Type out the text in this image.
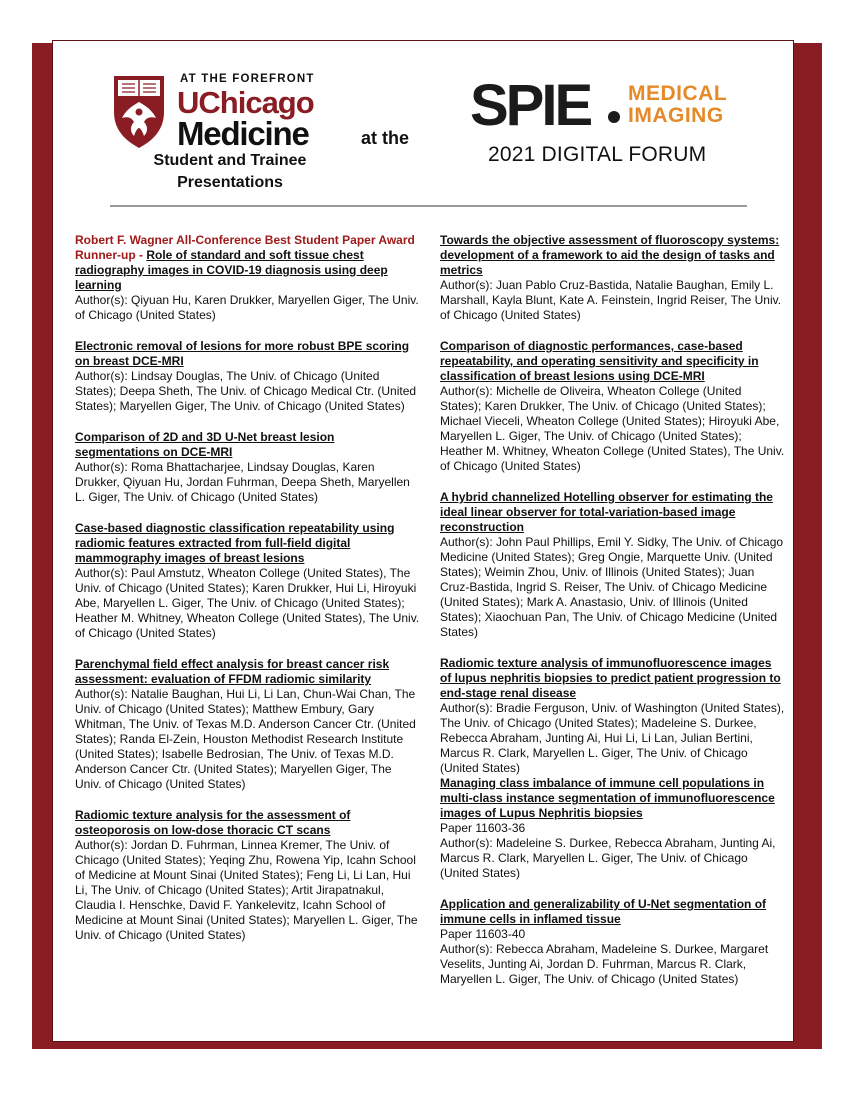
AT THE FOREFRONT
UChicago
Medicine
Student and Trainee
Presentations
at the SPIE MEDICAL
IMAGING
2021 DIGITAL FORUM

Robert F. Wagner All-Conference Best Student Paper Award Runner-up - Role of standard and soft tissue chest radiography images in COVID-19 diagnosis using deep learning

Author(s): Qiyuan Hu, Karen Drukker, Maryellen Giger, The Univ. of Chicago (United States)

Electronic removal of lesions for more robust BPE scoring on breast DCE-MRI

Author(s): Lindsay Douglas, The Univ. of Chicago (United States); Deepa Sheth, The Univ. of Chicago Medical Ctr. (United States); Maryellen Giger, The Univ. of Chicago (United States)

Comparison of 2D and 3D U-Net breast lesion segmentations on DCE-MRI

Author(s): Roma Bhattacharjee, Lindsay Douglas, Karen Drukker, Qiyuan Hu, Jordan Fuhrman, Deepa Sheth, Maryellen L. Giger, The Univ. of Chicago (United States)

Case-based diagnostic classification repeatability using radiomic features extracted from full-field digital mammography images of breast lesions

Author(s): Paul Amstutz, Wheaton College (United States), The Univ. of Chicago (United States); Karen Drukker, Hui Li, Hiroyuki Abe, Maryellen L. Giger, The Univ. of Chicago (United States); Heather M. Whitney, Wheaton College (United States), The Univ. of Chicago (United States)

Parenchymal field effect analysis for breast cancer risk assessment: evaluation of FFDM radiomic similarity

Author(s): Natalie Baughan, Hui Li, Li Lan, Chun-Wai Chan, The Univ. of Chicago (United States); Matthew Embury, Gary Whitman, The Univ. of Texas M.D. Anderson Cancer Ctr. (United States); Randa El-Zein, Houston Methodist Research Institute (United States); Isabelle Bedrosian, The Univ. of Texas M.D. Anderson Cancer Ctr. (United States); Maryellen Giger, The Univ. of Chicago (United States)

Radiomic texture analysis for the assessment of osteoporosis on low-dose thoracic CT scans

Author(s): Jordan D. Fuhrman, Linnea Kremer, The Univ. of Chicago (United States); Yeqing Zhu, Rowena Yip, Icahn School of Medicine at Mount Sinai (United States); Feng Li, Li Lan, Hui Li, The Univ. of Chicago (United States); Artit Jirapatnakul, Claudia I. Henschke, David F. Yankelevitz, Icahn School of Medicine at Mount Sinai (United States); Maryellen L. Giger, The Univ. of Chicago (United States)

Towards the objective assessment of fluoroscopy systems: development of a framework to aid the design of tasks and metrics

Author(s): Juan Pablo Cruz-Bastida, Natalie Baughan, Emily L. Marshall, Kayla Blunt, Kate A. Feinstein, Ingrid Reiser, The Univ. of Chicago (United States)

Comparison of diagnostic performances, case-based repeatability, and operating sensitivity and specificity in classification of breast lesions using DCE-MRI

Author(s): Michelle de Oliveira, Wheaton College (United States); Karen Drukker, The Univ. of Chicago (United States); Michael Vieceli, Wheaton College (United States); Hiroyuki Abe, Maryellen L. Giger, The Univ. of Chicago (United States); Heather M. Whitney, Wheaton College (United States), The Univ. of Chicago (United States)

A hybrid channelized Hotelling observer for estimating the ideal linear observer for total-variation-based image reconstruction

Author(s): John Paul Phillips, Emil Y. Sidky, The Univ. of Chicago Medicine (United States); Greg Ongie, Marquette Univ. (United States); Weimin Zhou, Univ. of Illinois (United States); Juan Cruz-Bastida, Ingrid S. Reiser, The Univ. of Chicago Medicine (United States); Mark A. Anastasio, Univ. of Illinois (United States); Xiaochuan Pan, The Univ. of Chicago Medicine (United States)

Radiomic texture analysis of immunofluorescence images of lupus nephritis biopsies to predict patient progression to end-stage renal disease

Author(s): Bradie Ferguson, Univ. of Washington (United States), The Univ. of Chicago (United States); Madeleine S. Durkee, Rebecca Abraham, Junting Ai, Hui Li, Li Lan, Julian Bertini, Marcus R. Clark, Maryellen L. Giger, The Univ. of Chicago (United States)

Managing class imbalance of immune cell populations in multi-class instance segmentation of immunofluorescence images of Lupus Nephritis biopsies

Paper 11603-36

Author(s): Madeleine S. Durkee, Rebecca Abraham, Junting Ai, Marcus R. Clark, Maryellen L. Giger, The Univ. of Chicago (United States)

Application and generalizability of U-Net segmentation of immune cells in inflamed tissue

Paper 11603-40

Author(s): Rebecca Abraham, Madeleine S. Durkee, Margaret Veselits, Junting Ai, Jordan D. Fuhrman, Marcus R. Clark, Maryellen L. Giger, The Univ. of Chicago (United States)
